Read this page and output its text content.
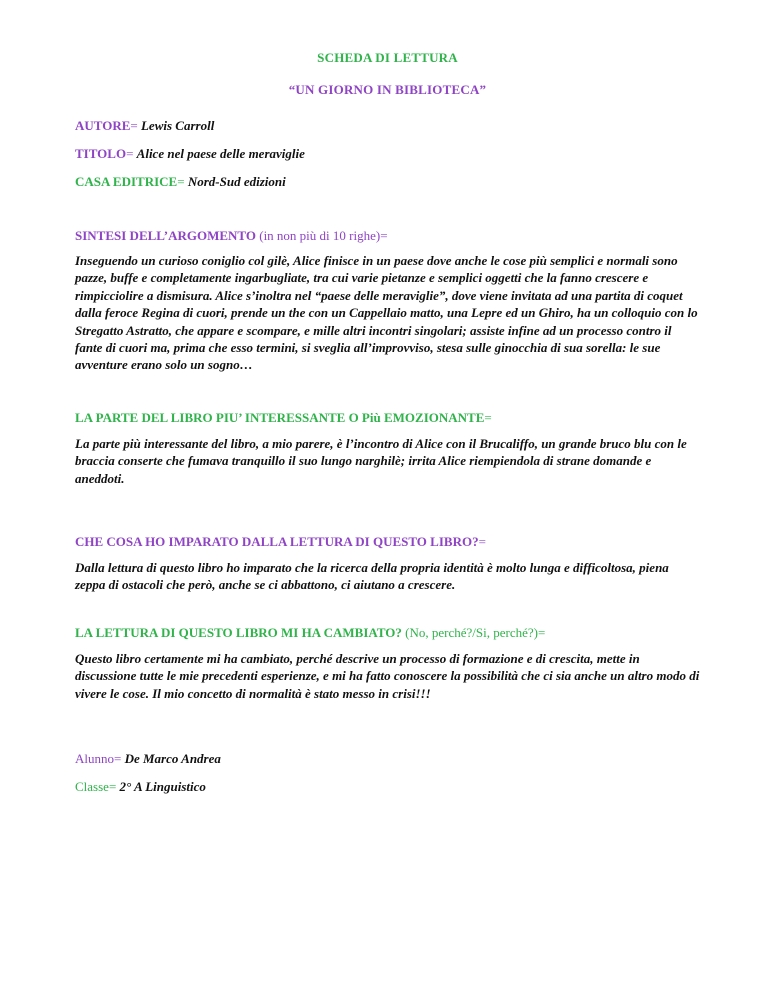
SCHEDA DI LETTURA

“UN GIORNO IN BIBLIOTECA”

AUTORE= Lewis Carroll

TITOLO= Alice nel paese delle meraviglie

CASA EDITRICE= Nord-Sud edizioni

SINTESI DELL’ARGOMENTO (in non più di 10 righe)=

Inseguendo un curioso coniglio col gilè, Alice finisce in un paese dove anche le cose più semplici e normali sono pazze, buffe e completamente ingarbugliate, tra cui varie pietanze e semplici oggetti che la fanno crescere e rimpicciolire a dismisura. Alice s’inoltra nel “paese delle meraviglie”, dove viene invitata ad una partita di coquet dalla feroce Regina di cuori, prende un the con un Cappellaio matto, una Lepre ed un Ghiro, ha un colloquio con lo Stregatto Astratto, che appare e scompare, e mille altri incontri singolari; assiste infine ad un processo contro il fante di cuori ma, prima che esso termini, si sveglia all’improvviso, stesa sulle ginocchia di sua sorella: le sue avventure erano solo un sogno…

LA PARTE DEL LIBRO PIU’ INTERESSANTE O Più EMOZIONANTE=

La parte più interessante del libro, a mio parere, è l’incontro di Alice con il Brucaliffo, un grande bruco blu con le braccia conserte che fumava tranquillo il suo lungo narghilè; irrita Alice riempiendola di strane domande e aneddoti.

CHE COSA HO IMPARATO DALLA LETTURA DI QUESTO LIBRO?=

Dalla lettura di questo libro ho imparato che la ricerca della propria identità è molto lunga e difficoltosa, piena zeppa di ostacoli che però, anche se ci abbattono, ci aiutano a crescere.

LA LETTURA DI QUESTO LIBRO MI HA CAMBIATO? (No, perché?/Si, perché?)=

Questo libro certamente mi ha cambiato, perché descrive un processo di formazione e di crescita, mette in discussione tutte le mie precedenti esperienze, e mi ha fatto conoscere la possibilità che ci sia anche un altro modo di vivere le cose. Il mio concetto di normalità è stato messo in crisi!!!

Alunno= De Marco Andrea

Classe= 2° A Linguistico
